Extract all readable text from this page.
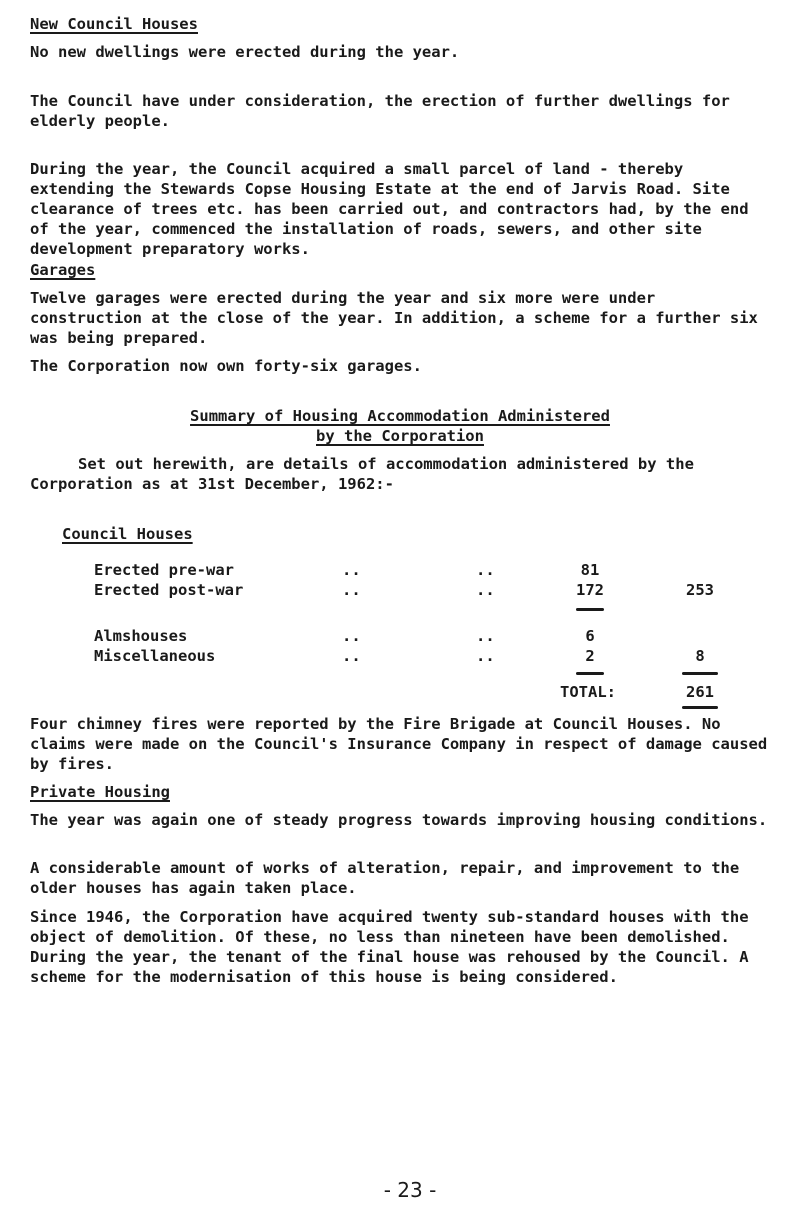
New Council Houses

No new dwellings were erected during the year.

The Council have under consideration, the erection of further dwellings for elderly people.

During the year, the Council acquired a small parcel of land - thereby extending the Stewards Copse Housing Estate at the end of Jarvis Road. Site clearance of trees etc. has been carried out, and contractors had, by the end of the year, commenced the installation of roads, sewers, and other site development preparatory works.

Garages

Twelve garages were erected during the year and six more were under construction at the close of the year. In addition, a scheme for a further six was being prepared.

The Corporation now own forty-six garages.

Summary of Housing Accommodation Administered
by the Corporation

Set out herewith, are details of accommodation administered by the Corporation as at 31st December, 1962:-

Council Houses
Erected pre-war	..	..	81
Erected post-war	..	..	172	253
Almshouses	..	..	6
Miscellaneous	..	..	2	8
TOTAL:	261

Four chimney fires were reported by the Fire Brigade at Council Houses. No claims were made on the Council's Insurance Company in respect of damage caused by fires.

Private Housing

The year was again one of steady progress towards improving housing conditions.

A considerable amount of works of alteration, repair, and improvement to the older houses has again taken place.

Since 1946, the Corporation have acquired twenty sub-standard houses with the object of demolition. Of these, no less than nineteen have been demolished. During the year, the tenant of the final house was rehoused by the Council. A scheme for the modernisation of this house is being considered.

- 23 -
